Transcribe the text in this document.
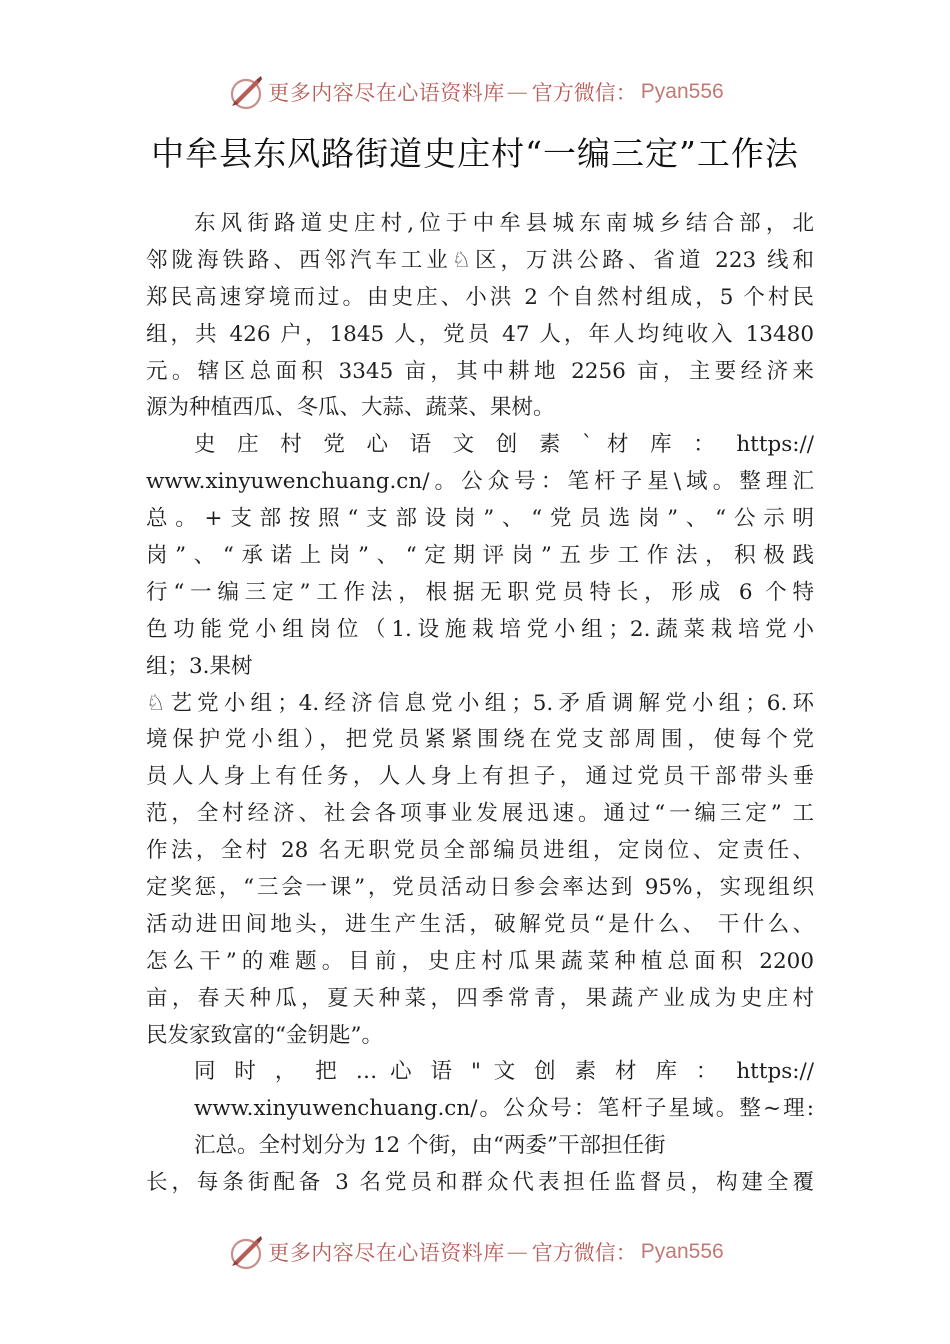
更多内容尽在心语资料库 — 官方微信： Pyan556
中牟县东风路街道史庄村“一编三定”工作法
东风街路道史庄村,位于中牟县城东南城乡结合部，北
邻陇海铁路、西邻汽车工业♘区，万洪公路、省道 223 线和
郑民高速穿境而过。由史庄、小洪 2 个自然村组成，5 个村民
组，共 426 户，1845 人，党员 47 人，年人均纯收入 13480
元。辖区总面积 3345 亩，其中耕地 2256 亩，主要经济来
源为种植西瓜、冬瓜、大蒜、蔬菜、果树。
史 庄 村 党 心 语 文 创 素 ` 材 库 ： https://
www.xinyuwenchuang.cn/。公众号：笔杆子星\域。整理汇
总。+支部按照“支部设岗”、“党员选岗”、“公示明
岗”、“承诺上岗”、“定期评岗”五步工作法，积极践
行“一编三定”工作法，根据无职党员特长，形成 6 个特
色功能党小组岗位（1.设施栽培党小组；2.蔬菜栽培党小
组；3.果树
♘艺党小组；4.经济信息党小组；5.矛盾调解党小组；6.环
境保护党小组），把党员紧紧围绕在党支部周围，使每个党
员人人身上有任务，人人身上有担子，通过党员干部带头垂
范，全村经济、社会各项事业发展迅速。通过“一编三定” 工
作法，全村 28 名无职党员全部编员进组，定岗位、定责任、
定奖惩，“三会一课”，党员活动日参会率达到 95%，实现组织
活动进田间地头，进生产生活，破解党员“是什么、 干什么、
怎么干”的难题。目前，史庄村瓜果蔬菜种植总面积 2200
亩，春天种瓜，夏天种菜，四季常青，果蔬产业成为史庄村
民发家致富的“金钥匙”。
同 时 ， 把 … 心 语 " 文 创 素 材 库 ： https://
www.xinyuwenchuang.cn/。公众号：笔杆子星域。整~理:
汇总。全村划分为 12 个街，由“两委”干部担任街
长，每条街配备 3 名党员和群众代表担任监督员，构建全覆
更多内容尽在心语资料库 — 官方微信： Pyan556
